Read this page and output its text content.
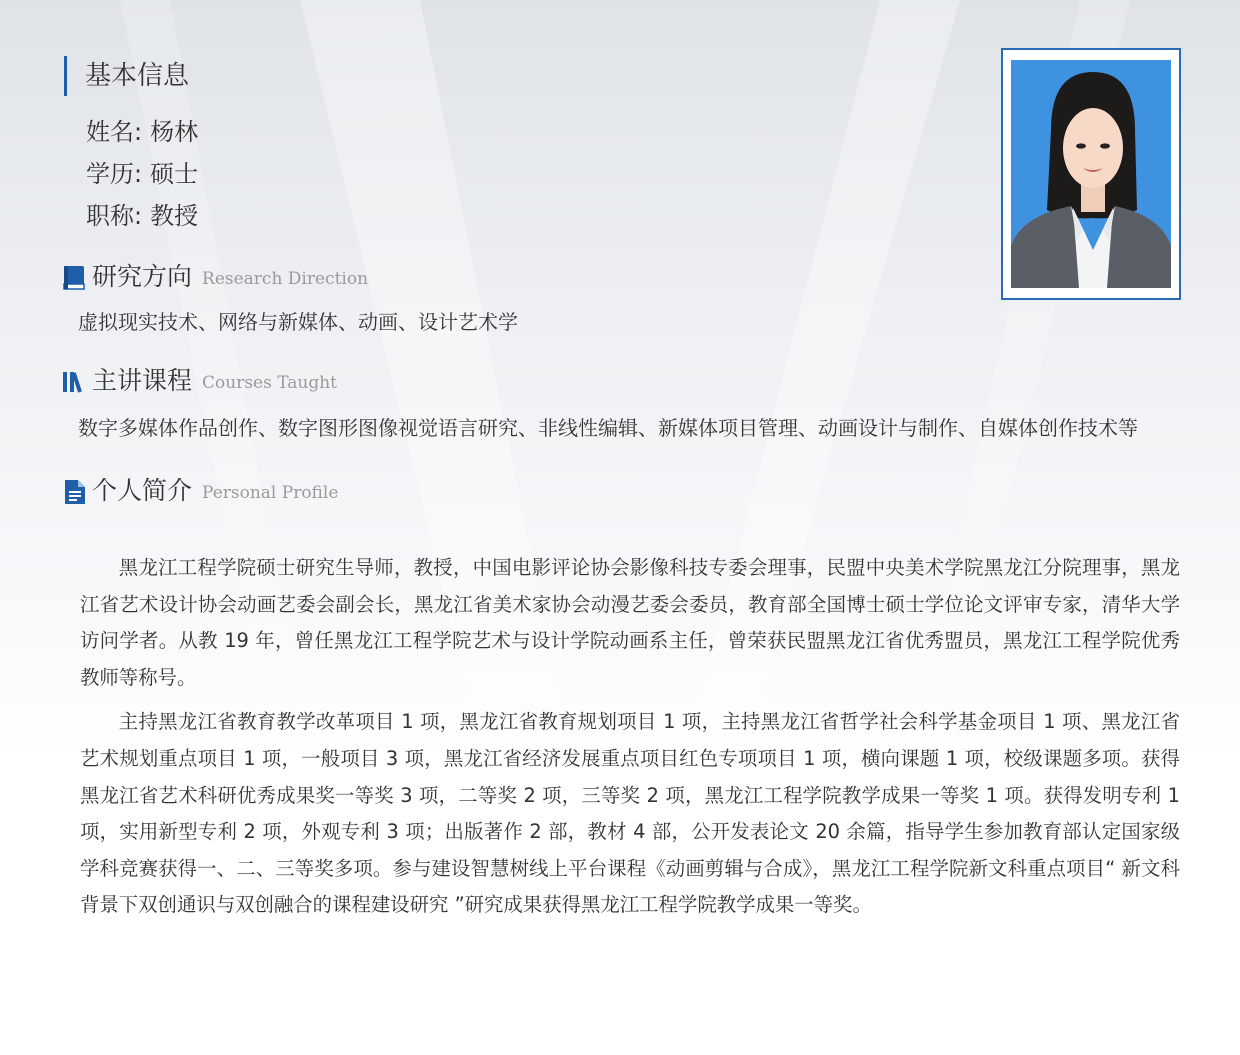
基本信息
姓名 : 杨林
学历 : 硕士
职称 : 教授
研究方向 Research Direction
虚拟现实技术、网络与新媒体、动画、设计艺术学
主讲课程 Courses Taught
数字多媒体作品创作、数字图形图像视觉语言研究、非线性编辑、新媒体项目管理、动画设计与制作、自媒体创作技术等
个人简介 Personal Profile

黑龙江工程学院硕士研究生导师，教授，中国电影评论协会影像科技专委会理事，民盟中央美术学院黑龙江分院理事，黑龙江省艺术设计协会动画艺委会副会长，黑龙江省美术家协会动漫艺委会委员，教育部全国博士硕士学位论文评审专家，清华大学访问学者。从教 19 年，曾任黑龙江工程学院艺术与设计学院动画系主任，曾荣获民盟黑龙江省优秀盟员，黑龙江工程学院优秀教师等称号。

主持黑龙江省教育教学改革项目 1 项，黑龙江省教育规划项目 1 项，主持黑龙江省哲学社会科学基金项目 1 项、黑龙江省艺术规划重点项目 1 项，一般项目 3 项，黑龙江省经济发展重点项目红色专项项目 1 项，横向课题 1 项，校级课题多项。获得黑龙江省艺术科研优秀成果奖一等奖 3 项，二等奖 2 项，三等奖 2 项，黑龙江工程学院教学成果一等奖 1 项。获得发明专利 1 项，实用新型专利 2 项，外观专利 3 项；出版著作 2 部，教材 4 部，公开发表论文 20 余篇，指导学生参加教育部认定国家级学科竞赛获得一、二、三等奖多项。参与建设智慧树线上平台课程《动画剪辑与合成》，黑龙江工程学院新文科重点项目“ 新文科背景下双创通识与双创融合的课程建设研究 ”研究成果获得黑龙江工程学院教学成果一等奖。
